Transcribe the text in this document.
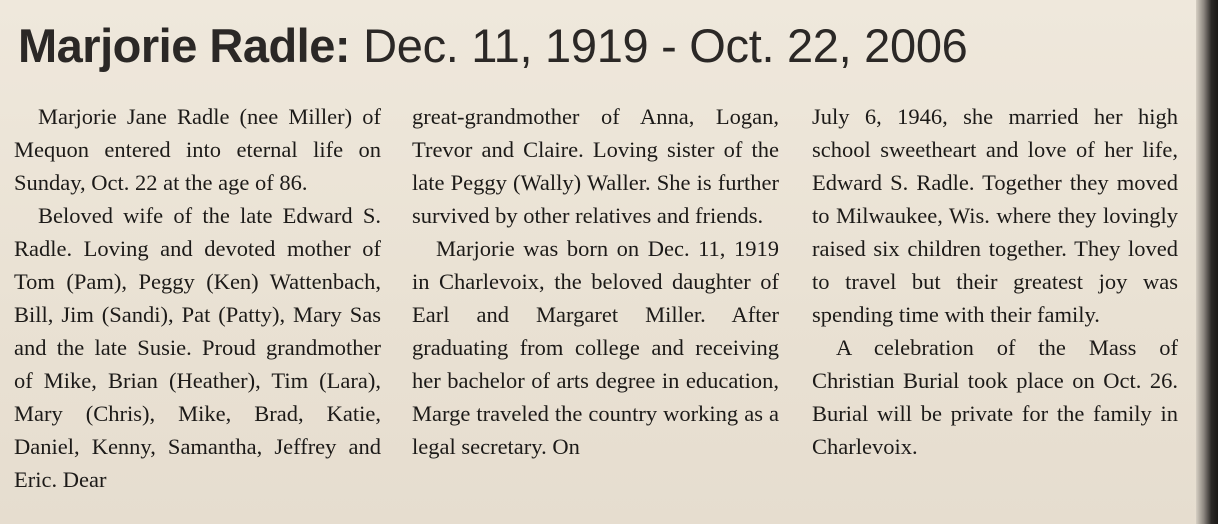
Marjorie Radle: Dec. 11, 1919 - Oct. 22, 2006

Marjorie Jane Radle (nee Miller) of Mequon entered into eternal life on Sunday, Oct. 22 at the age of 86.

Beloved wife of the late Edward S. Radle. Loving and devoted mother of Tom (Pam), Peggy (Ken) Wattenbach, Bill, Jim (Sandi), Pat (Patty), Mary Sas and the late Susie. Proud grandmother of Mike, Brian (Heather), Tim (Lara), Mary (Chris), Mike, Brad, Katie, Daniel, Kenny, Samantha, Jeffrey and Eric. Dear

great-grandmother of Anna, Logan, Trevor and Claire. Loving sister of the late Peggy (Wally) Waller. She is further survived by other relatives and friends.

Marjorie was born on Dec. 11, 1919 in Charlevoix, the beloved daughter of Earl and Margaret Miller. After graduating from college and receiving her bachelor of arts degree in education, Marge traveled the country working as a legal secretary. On

July 6, 1946, she married her high school sweetheart and love of her life, Edward S. Radle. Together they moved to Milwaukee, Wis. where they lovingly raised six children together. They loved to travel but their greatest joy was spending time with their family.

A celebration of the Mass of Christian Burial took place on Oct. 26. Burial will be private for the family in Charlevoix.
